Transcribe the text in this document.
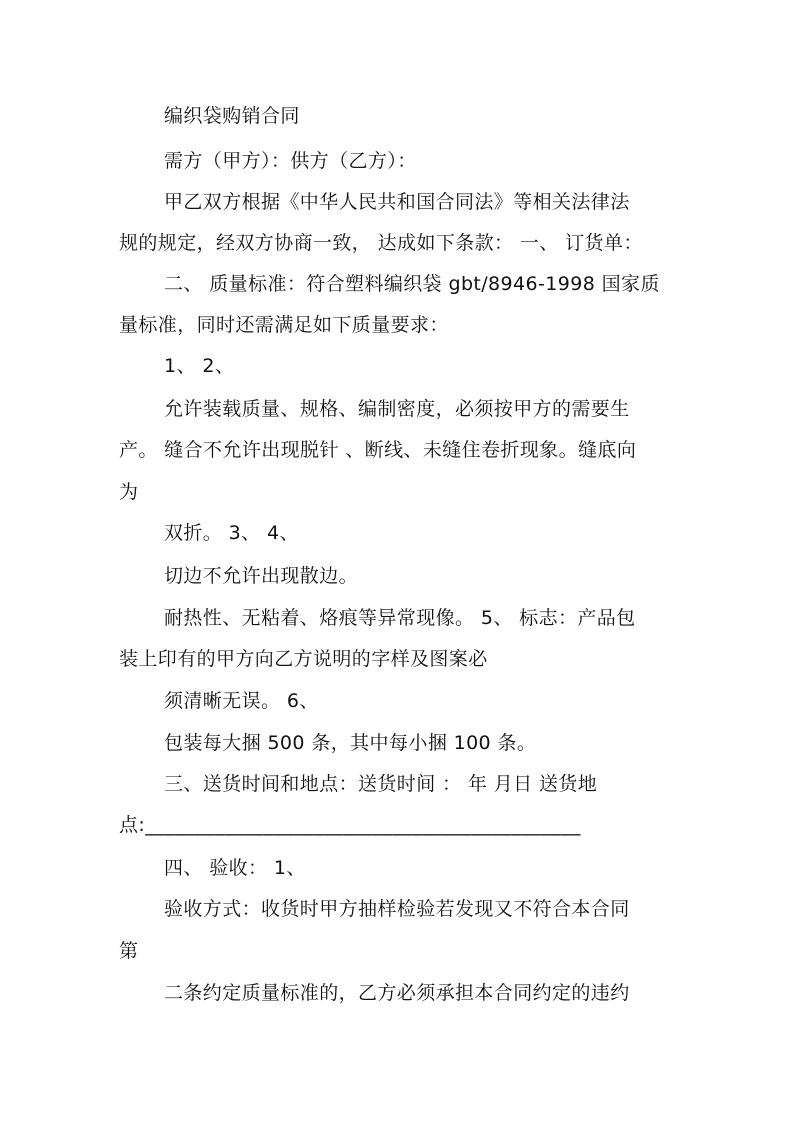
编织袋购销合同
需方（甲方）：供方（乙方）：
甲乙双方根据《中华人民共和国合同法》等相关法律法
规的规定，经双方协商一致， 达成如下条款： 一、 订货单：
二、 质量标准：符合塑料编织袋 gbt/8946-1998 国家质
量标准，同时还需满足如下质量要求：
1、 2、
允许装载质量、规格、编制密度，必须按甲方的需要生
产。 缝合不允许出现脱针 、断线、未缝住卷折现象。缝底向
为
双折。 3、 4、
切边不允许出现散边。
耐热性、无粘着、烙痕等异常现像。 5、 标志：产品包
装上印有的甲方向乙方说明的字样及图案必
须清晰无误。 6、
包装每大捆 500 条，其中每小捆 100 条。
三、送货时间和地点：送货时间 ： 年 月日 送货地
点:____________________________________________
四、 验收： 1、
验收方式：收货时甲方抽样检验若发现又不符合本合同
第
二条约定质量标准的，乙方必须承担本合同约定的违约
